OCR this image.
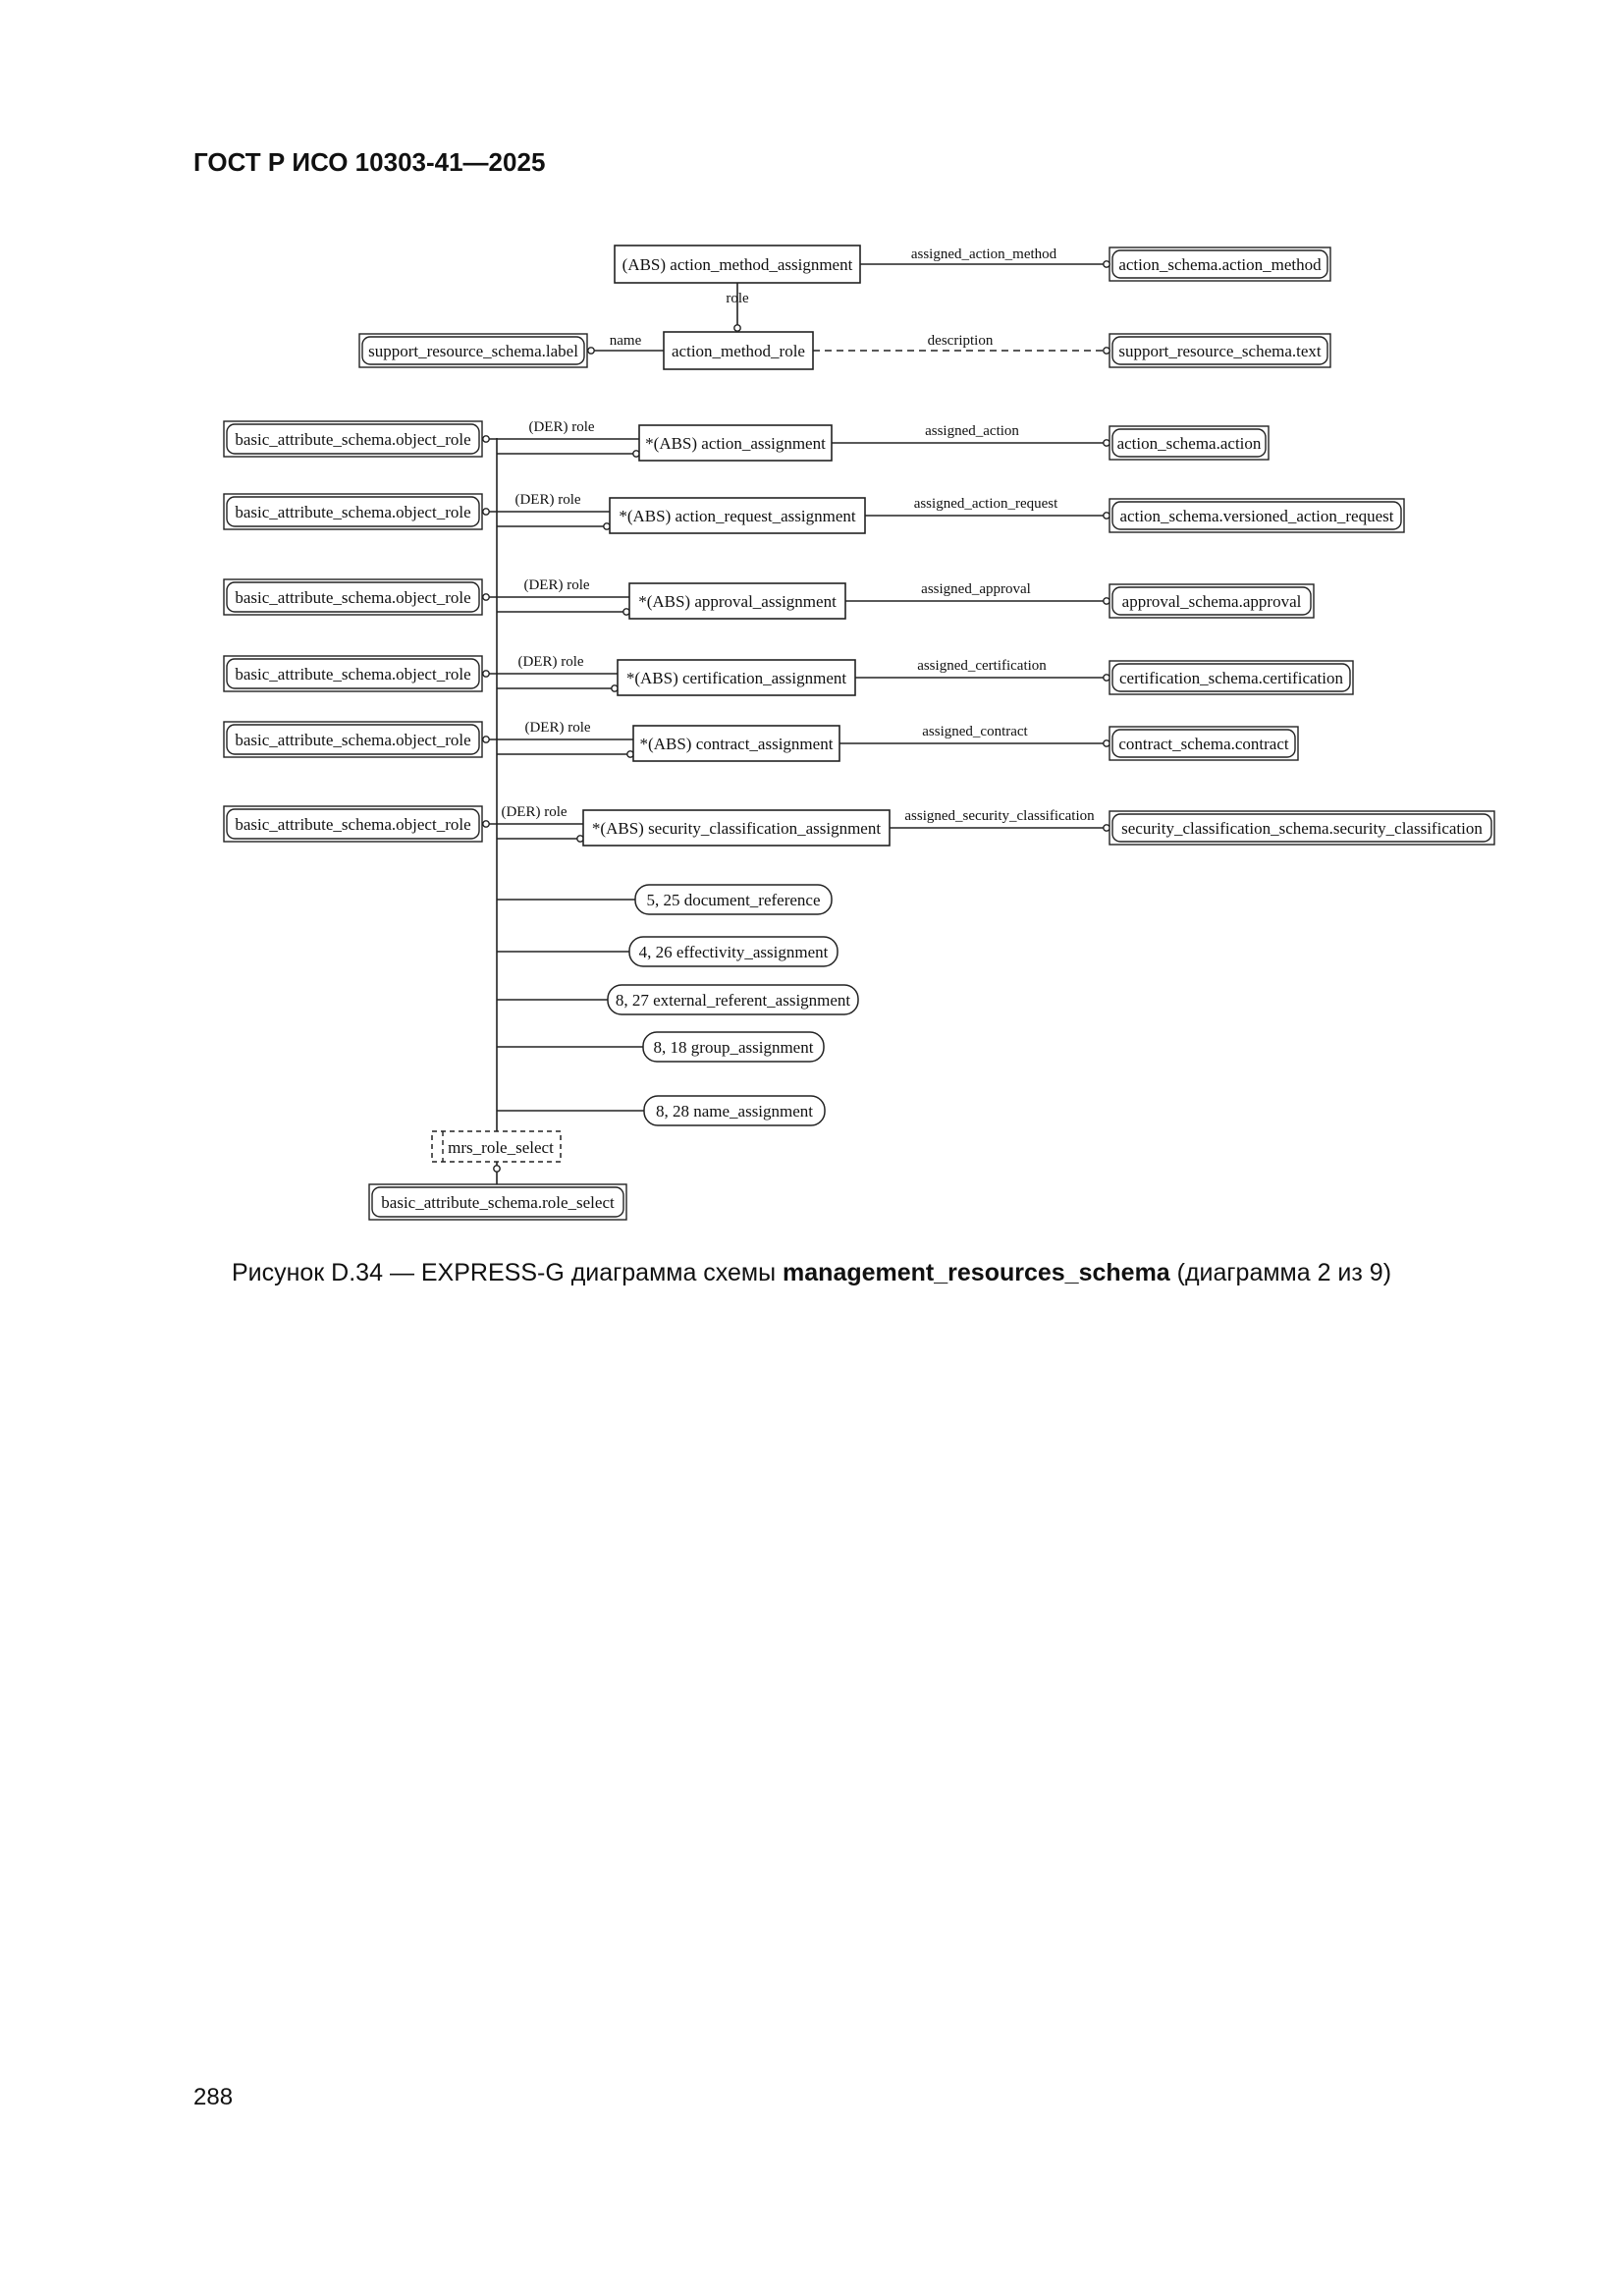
ГОСТ Р ИСО 10303-41—2025
(ABS) action_method_assignment	action_schema.action_method
assigned_action_method
role
action_method_role
support_resource_schema.label
name
support_resource_schema.text
description
basic_attribute_schema.object_role
(DER) role
*(ABS) action_assignment
assigned_action
action_schema.action
basic_attribute_schema.object_role
(DER) role
*(ABS) action_request_assignment
assigned_action_request
action_schema.versioned_action_request
basic_attribute_schema.object_role
(DER) role
*(ABS) approval_assignment
assigned_approval
approval_schema.approval
basic_attribute_schema.object_role
(DER) role
*(ABS) certification_assignment
assigned_certification
certification_schema.certification
basic_attribute_schema.object_role
(DER) role
*(ABS) contract_assignment
assigned_contract
contract_schema.contract
basic_attribute_schema.object_role
(DER) role
*(ABS) security_classification_assignment
assigned_security_classification
security_classification_schema.security_classification
5, 25 document_reference
4, 26 effectivity_assignment
8, 27 external_referent_assignment
8, 18 group_assignment
8, 28 name_assignment
mrs_role_select
basic_attribute_schema.role_select
Рисунок D.34 — EXPRESS-G диаграмма схемы management_resources_schema (диаграмма 2 из 9)
288
